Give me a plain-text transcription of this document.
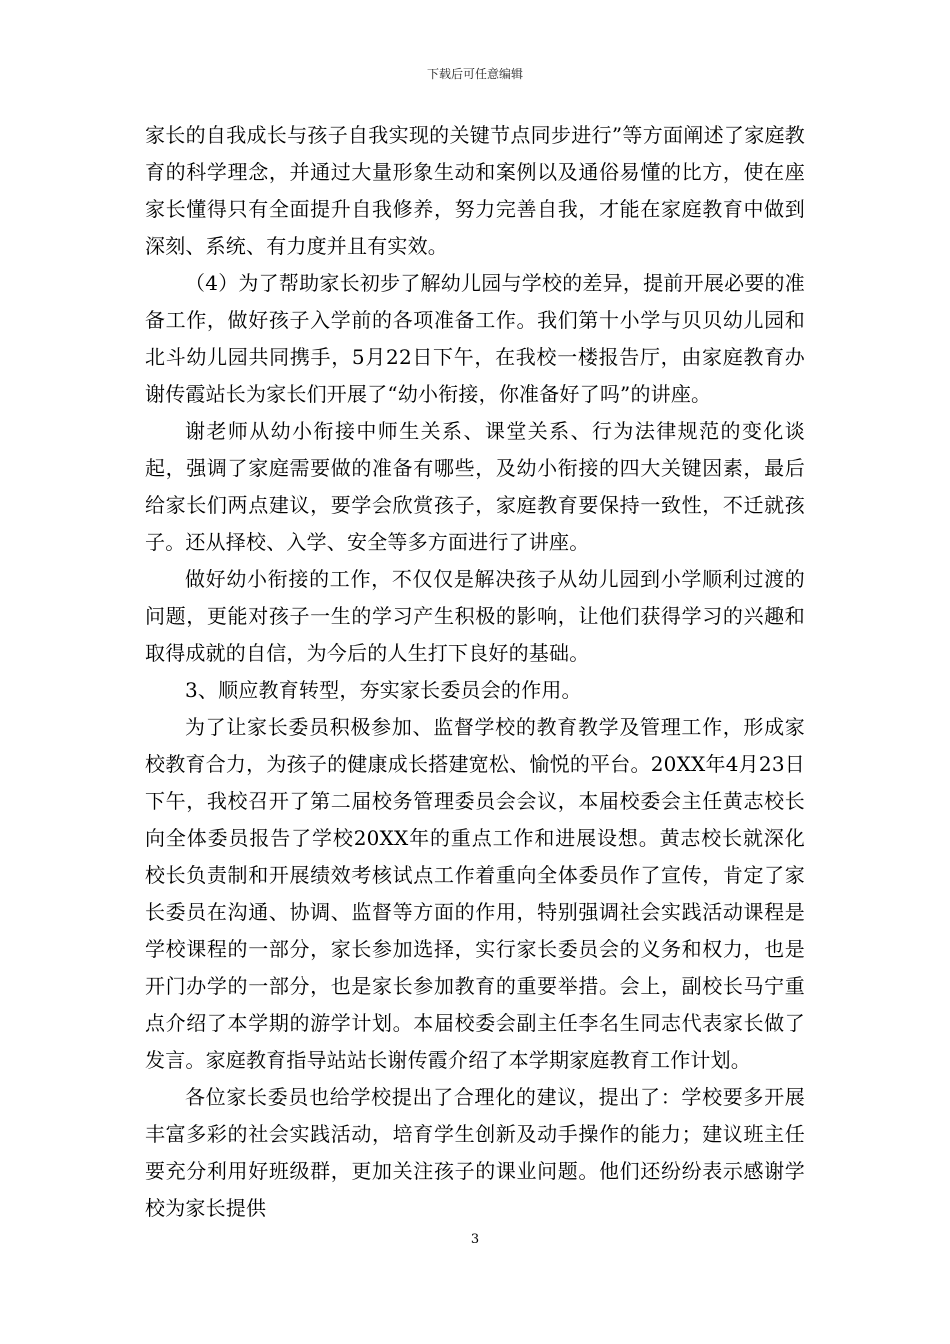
下载后可任意编辑

家长的自我成长与孩子自我实现的关键节点同步进行”等方面阐述了家庭教育的科学理念，并通过大量形象生动和案例以及通俗易懂的比方，使在座家长懂得只有全面提升自我修养，努力完善自我，才能在家庭教育中做到深刻、系统、有力度并且有实效。

（4）为了帮助家长初步了解幼儿园与学校的差异，提前开展必要的准备工作，做好孩子入学前的各项准备工作。我们第十小学与贝贝幼儿园和北斗幼儿园共同携手，5月22日下午，在我校一楼报告厅，由家庭教育办谢传霞站长为家长们开展了“幼小衔接，你准备好了吗”的讲座。

谢老师从幼小衔接中师生关系、课堂关系、行为法律规范的变化谈起，强调了家庭需要做的准备有哪些，及幼小衔接的四大关键因素，最后给家长们两点建议，要学会欣赏孩子，家庭教育要保持一致性，不迁就孩子。还从择校、入学、安全等多方面进行了讲座。

做好幼小衔接的工作，不仅仅是解决孩子从幼儿园到小学顺利过渡的问题，更能对孩子一生的学习产生积极的影响，让他们获得学习的兴趣和取得成就的自信，为今后的人生打下良好的基础。

3、顺应教育转型，夯实家长委员会的作用。

为了让家长委员积极参加、监督学校的教育教学及管理工作，形成家校教育合力，为孩子的健康成长搭建宽松、愉悦的平台。20XX年4月23日下午，我校召开了第二届校务管理委员会会议，本届校委会主任黄志校长向全体委员报告了学校20XX年的重点工作和进展设想。黄志校长就深化校长负责制和开展绩效考核试点工作着重向全体委员作了宣传，肯定了家长委员在沟通、协调、监督等方面的作用，特别强调社会实践活动课程是学校课程的一部分，家长参加选择，实行家长委员会的义务和权力，也是开门办学的一部分，也是家长参加教育的重要举措。会上，副校长马宁重点介绍了本学期的游学计划。本届校委会副主任李名生同志代表家长做了发言。家庭教育指导站站长谢传霞介绍了本学期家庭教育工作计划。

各位家长委员也给学校提出了合理化的建议，提出了：学校要多开展丰富多彩的社会实践活动，培育学生创新及动手操作的能力；建议班主任要充分利用好班级群，更加关注孩子的课业问题。他们还纷纷表示感谢学校为家长提供

3
